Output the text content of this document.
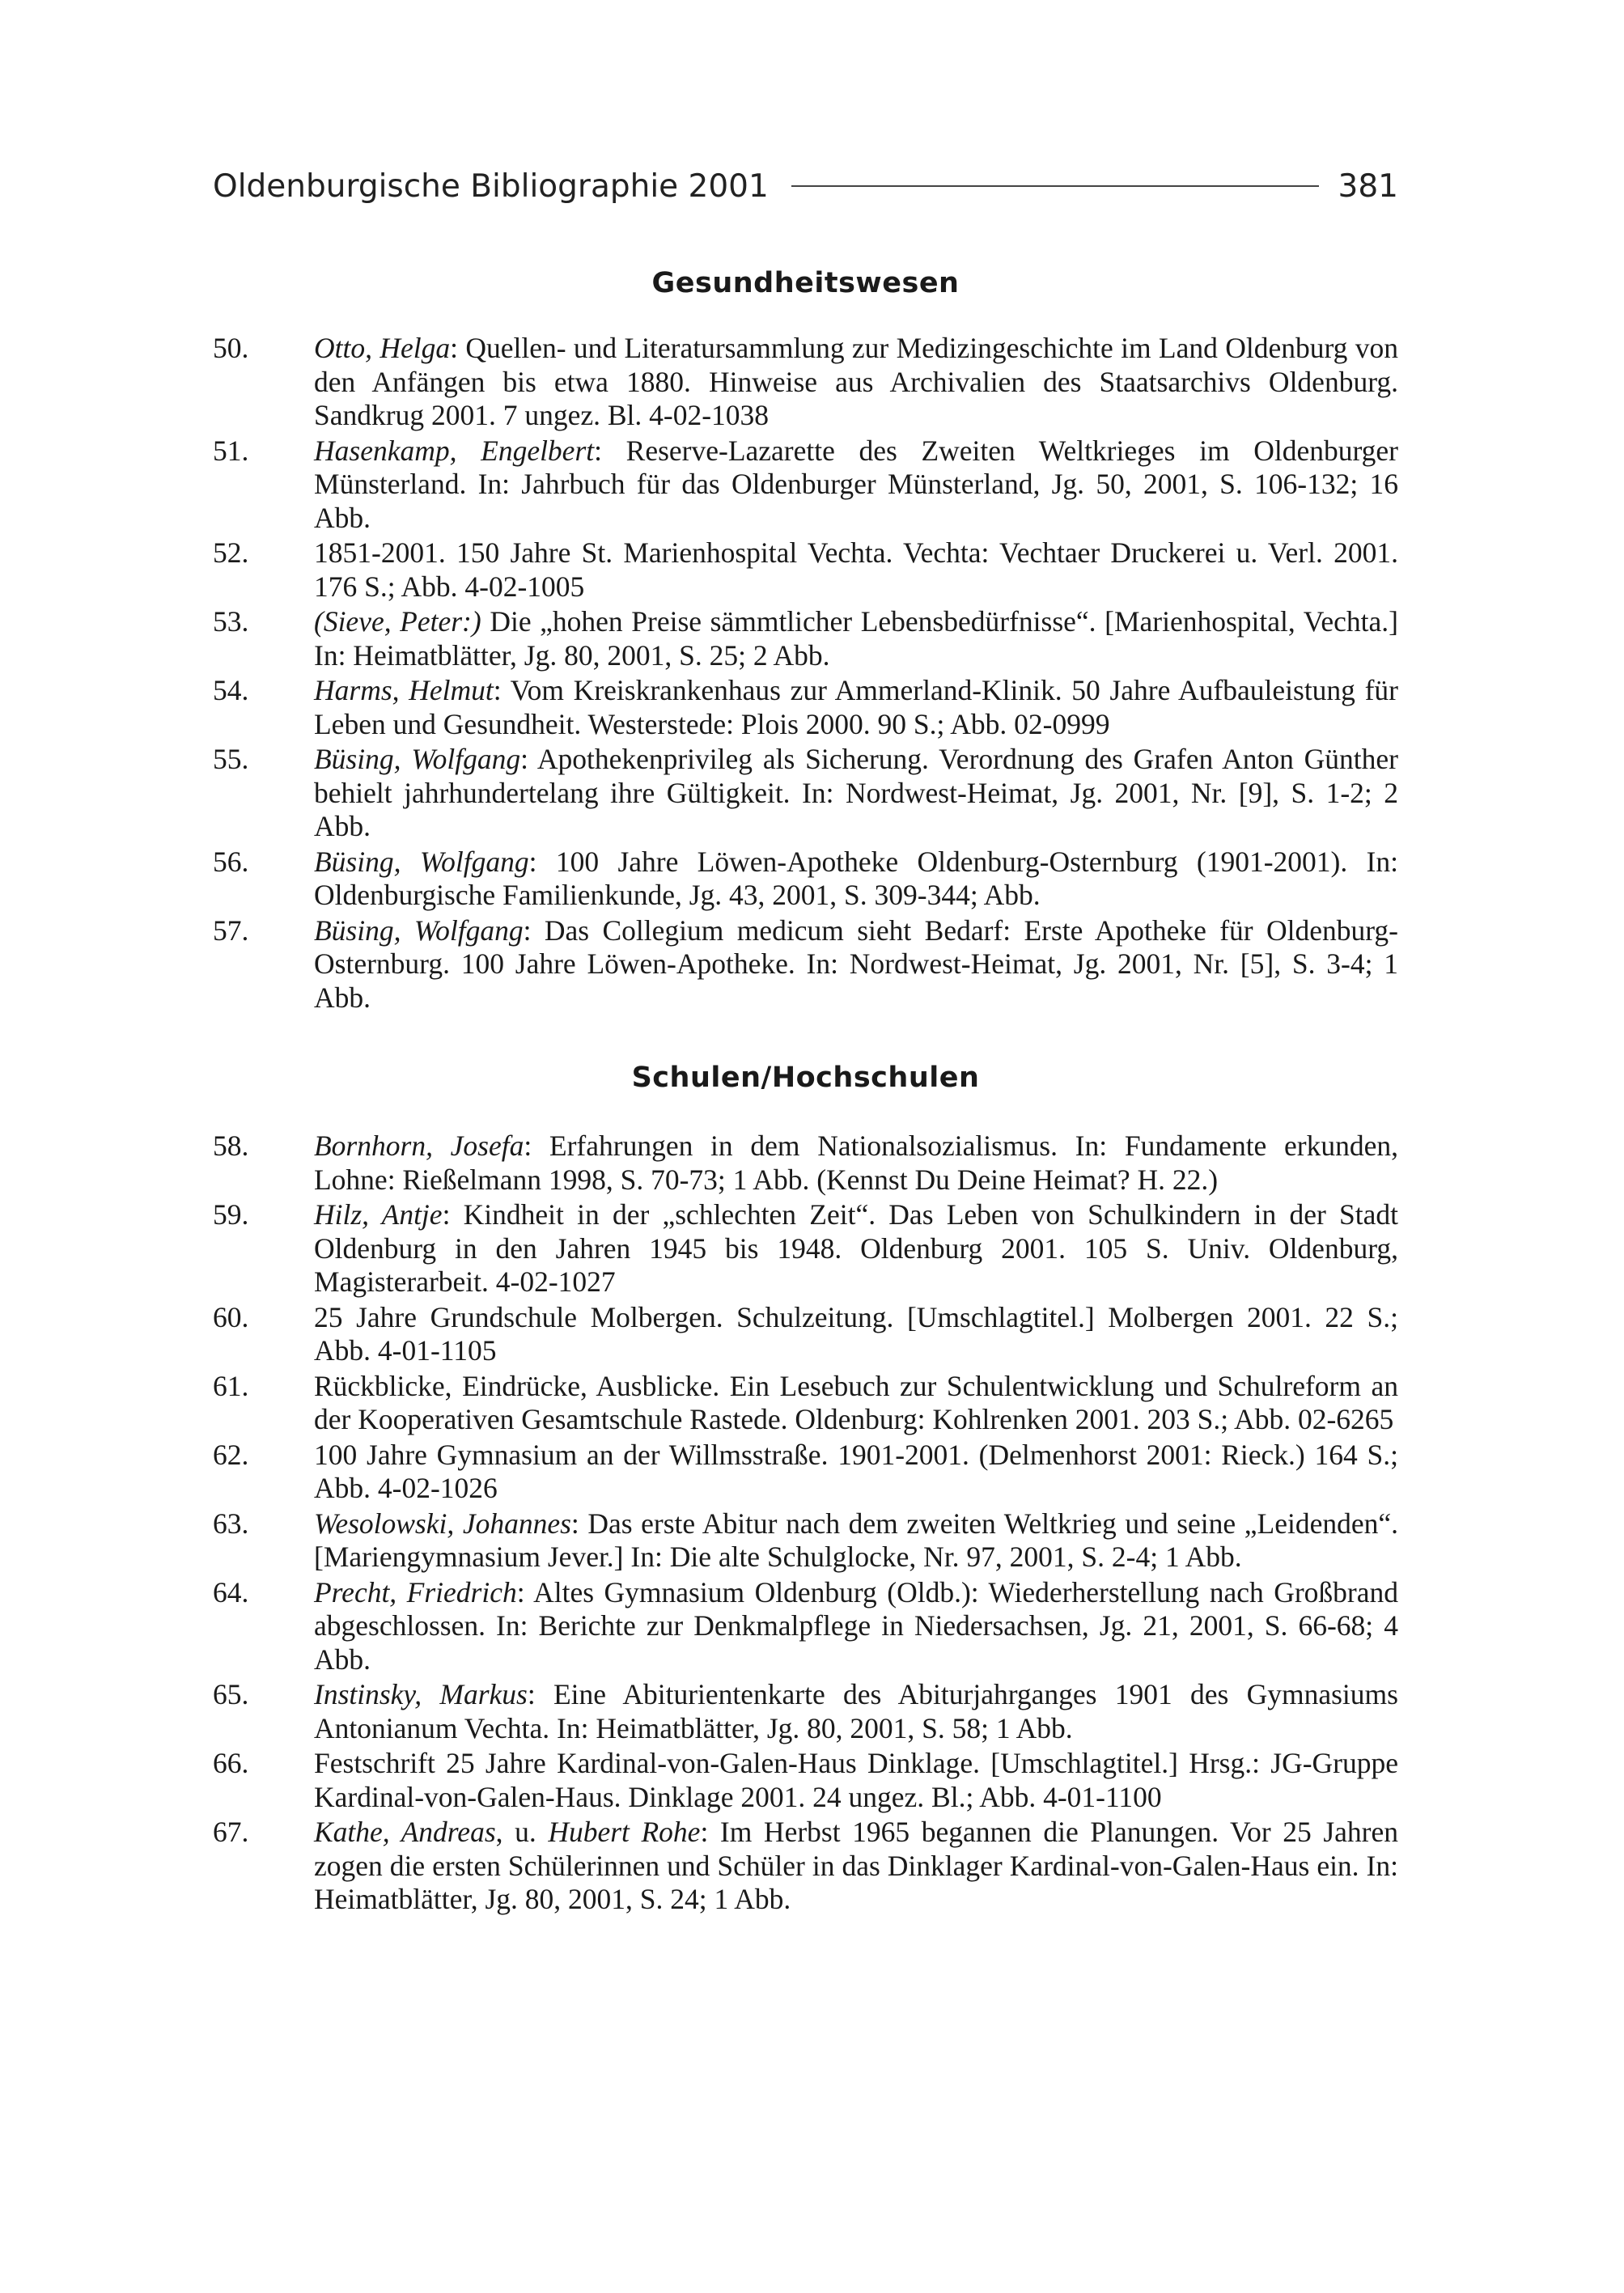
Oldenburgische Bibliographie 2001	381
Gesundheitswesen
50. Otto, Helga: Quellen- und Literatursammlung zur Medizingeschichte im Land Oldenburg von den Anfängen bis etwa 1880. Hinweise aus Archivalien des Staatsarchivs Oldenburg. Sandkrug 2001. 7 ungez. Bl. 4-02-1038
51. Hasenkamp, Engelbert: Reserve-Lazarette des Zweiten Weltkrieges im Oldenburger Münsterland. In: Jahrbuch für das Oldenburger Münsterland, Jg. 50, 2001, S. 106-132; 16 Abb.
52. 1851-2001. 150 Jahre St. Marienhospital Vechta. Vechta: Vechtaer Druckerei u. Verl. 2001. 176 S.; Abb. 4-02-1005
53. (Sieve, Peter:) Die „hohen Preise sämmtlicher Lebensbedürfnisse“. [Marienhospital, Vechta.] In: Heimatblätter, Jg. 80, 2001, S. 25; 2 Abb.
54. Harms, Helmut: Vom Kreiskrankenhaus zur Ammerland-Klinik. 50 Jahre Aufbauleistung für Leben und Gesundheit. Westerstede: Plois 2000. 90 S.; Abb. 02-0999
55. Büsing, Wolfgang: Apothekenprivileg als Sicherung. Verordnung des Grafen Anton Günther behielt jahrhundertelang ihre Gültigkeit. In: Nordwest-Heimat, Jg. 2001, Nr. [9], S. 1-2; 2 Abb.
56. Büsing, Wolfgang: 100 Jahre Löwen-Apotheke Oldenburg-Osternburg (1901-2001). In: Oldenburgische Familienkunde, Jg. 43, 2001, S. 309-344; Abb.
57. Büsing, Wolfgang: Das Collegium medicum sieht Bedarf: Erste Apotheke für Oldenburg-Osternburg. 100 Jahre Löwen-Apotheke. In: Nordwest-Heimat, Jg. 2001, Nr. [5], S. 3-4; 1 Abb.
Schulen/Hochschulen
58. Bornhorn, Josefa: Erfahrungen in dem Nationalsozialismus. In: Fundamente erkunden, Lohne: Rießelmann 1998, S. 70-73; 1 Abb. (Kennst Du Deine Heimat? H. 22.)
59. Hilz, Antje: Kindheit in der „schlechten Zeit“. Das Leben von Schulkindern in der Stadt Oldenburg in den Jahren 1945 bis 1948. Oldenburg 2001. 105 S. Univ. Oldenburg, Magisterarbeit. 4-02-1027
60. 25 Jahre Grundschule Molbergen. Schulzeitung. [Umschlagtitel.] Molbergen 2001. 22 S.; Abb. 4-01-1105
61. Rückblicke, Eindrücke, Ausblicke. Ein Lesebuch zur Schulentwicklung und Schulreform an der Kooperativen Gesamtschule Rastede. Oldenburg: Kohlrenken 2001. 203 S.; Abb. 02-6265
62. 100 Jahre Gymnasium an der Willmsstraße. 1901-2001. (Delmenhorst 2001: Rieck.) 164 S.; Abb. 4-02-1026
63. Wesolowski, Johannes: Das erste Abitur nach dem zweiten Weltkrieg und seine „Leidenden“. [Mariengymnasium Jever.] In: Die alte Schulglocke, Nr. 97, 2001, S. 2-4; 1 Abb.
64. Precht, Friedrich: Altes Gymnasium Oldenburg (Oldb.): Wiederherstellung nach Großbrand abgeschlossen. In: Berichte zur Denkmalpflege in Niedersachsen, Jg. 21, 2001, S. 66-68; 4 Abb.
65. Instinsky, Markus: Eine Abiturientenkarte des Abiturjahrganges 1901 des Gymnasiums Antonianum Vechta. In: Heimatblätter, Jg. 80, 2001, S. 58; 1 Abb.
66. Festschrift 25 Jahre Kardinal-von-Galen-Haus Dinklage. [Umschlagtitel.] Hrsg.: JG-Gruppe Kardinal-von-Galen-Haus. Dinklage 2001. 24 ungez. Bl.; Abb. 4-01-1100
67. Kathe, Andreas, u. Hubert Rohe: Im Herbst 1965 begannen die Planungen. Vor 25 Jahren zogen die ersten Schülerinnen und Schüler in das Dinklager Kardinal-von-Galen-Haus ein. In: Heimatblätter, Jg. 80, 2001, S. 24; 1 Abb.
